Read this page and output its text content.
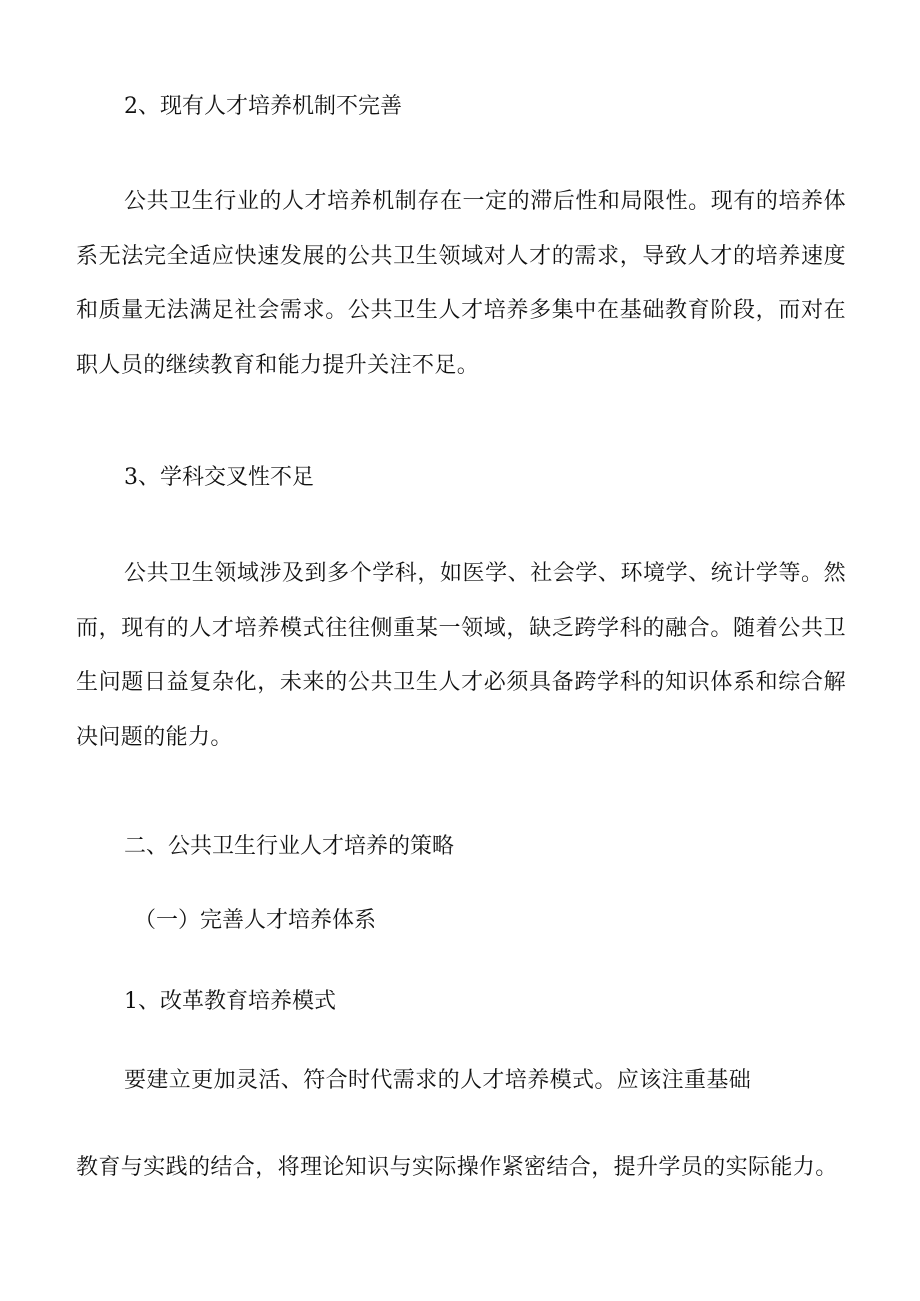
2、现有人才培养机制不完善

公共卫生行业的人才培养机制存在一定的滞后性和局限性。现有的培养体系无法完全适应快速发展的公共卫生领域对人才的需求，导致人才的培养速度和质量无法满足社会需求。公共卫生人才培养多集中在基础教育阶段，而对在职人员的继续教育和能力提升关注不足。

3、学科交叉性不足

公共卫生领域涉及到多个学科，如医学、社会学、环境学、统计学等。然而，现有的人才培养模式往往侧重某一领域，缺乏跨学科的融合。随着公共卫生问题日益复杂化，未来的公共卫生人才必须具备跨学科的知识体系和综合解决问题的能力。

二、公共卫生行业人才培养的策略
（一）完善人才培养体系
1、改革教育培养模式
要建立更加灵活、符合时代需求的人才培养模式。应该注重基础
教育与实践的结合，将理论知识与实际操作紧密结合，提升学员的实际能力。
